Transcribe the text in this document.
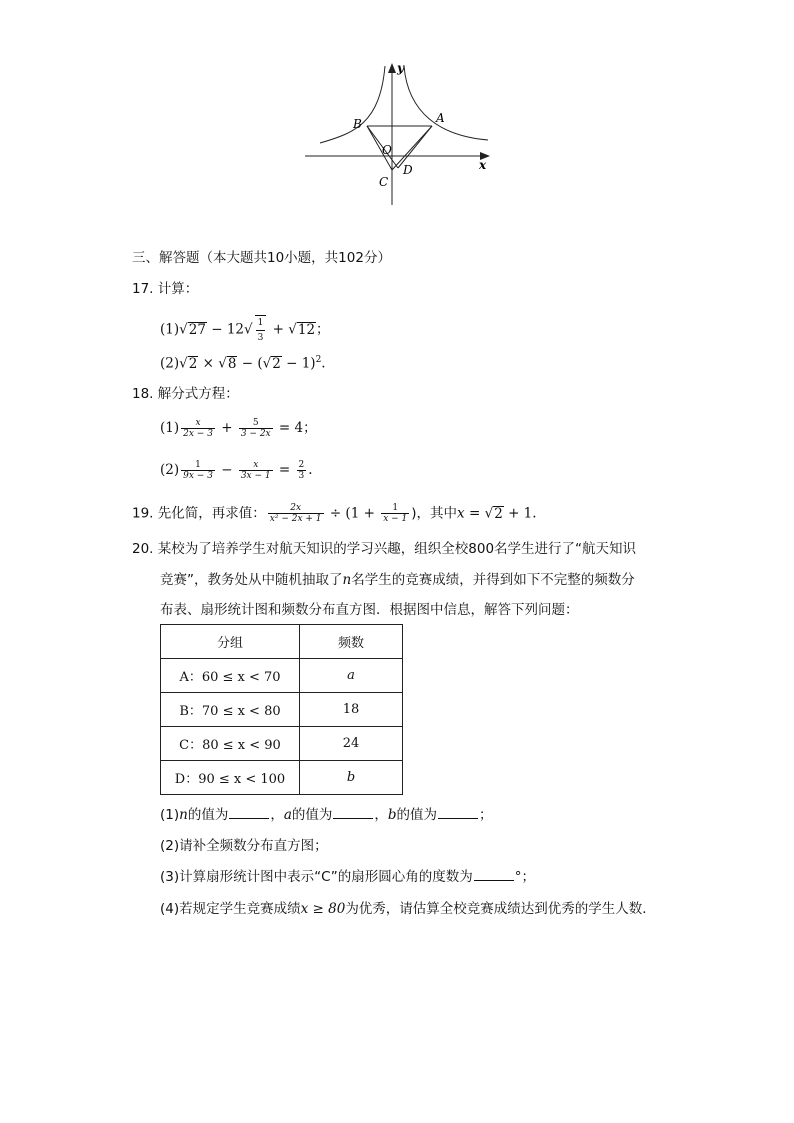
y
x
A
B
O
C
D
三、解答题（本大题共10小题，共102分）
17. 计算：
$(1)√27 - 12√ \frac{1}{3} + √12$；
$(2)√2 \times √8 - (√2 - 1)^2$.
18. 解分式方程：
$(1) \frac{x}{2x - 3} + \frac{5}{3 - 2x} = 4$；
$(2) \frac{1}{9x - 3} - \frac{x}{3x - 1} = \frac{2}{3}$ .
19. 先化简，再求值： $\frac{2x}{\text{x² − 2x + 1}} \div (1 + \frac{1}{x - 1}$ )，其中x = √2 + 1.
20. 某校为了培养学生对航天知识的学习兴趣，组织全校800名学生进行了“航天知识
竞赛”，教务处从中随机抽取了n名学生的竞赛成绩，并得到如下不完整的频数分
布表、扇形统计图和频数分布直方图．根据图中信息，解答下列问题：
分组	频数
A：60 ≤ x < 70	a
B：70 ≤ x < 80	18
C：80 ≤ x < 90	24
D：90 ≤ x < 100	b
(1)n的值为	，a的值为	，b的值为	；
(2)请补全频数分布直方图；
(3)计算扇形统计图中表示“C”的扇形圆心角的度数为	°；
(4)若规定学生竞赛成绩x ≥ 80为优秀，请估算全校竞赛成绩达到优秀的学生人数．
